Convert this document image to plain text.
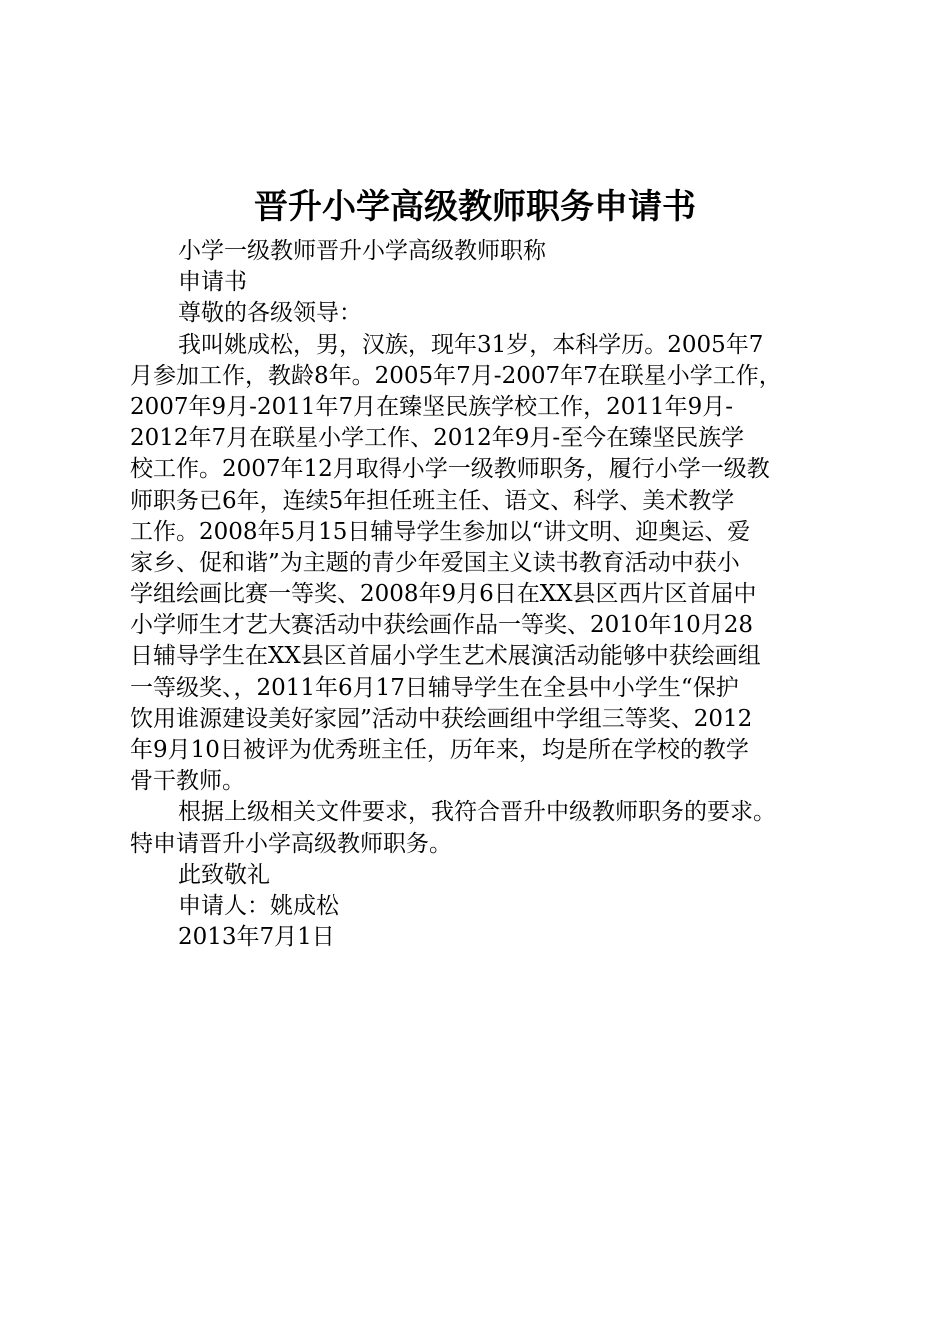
晋升小学高级教师职务申请书
小学一级教师晋升小学高级教师职称
申请书
尊敬的各级领导：
我叫姚成松，男，汉族，现年31岁，本科学历。2005年7
月参加工作，教龄8年。2005年7月-2007年7在联星小学工作，
2007年9月-2011年7月在臻坚民族学校工作，2011年9月-
2012年7月在联星小学工作、2012年9月-至今在臻坚民族学
校工作。2007年12月取得小学一级教师职务，履行小学一级教
师职务已6年，连续5年担任班主任、语文、科学、美术教学
工作。2008年5月15日辅导学生参加以“讲文明、迎奥运、爱
家乡、促和谐”为主题的青少年爱国主义读书教育活动中获小
学组绘画比赛一等奖、2008年9月6日在XX县区西片区首届中
小学师生才艺大赛活动中获绘画作品一等奖、2010年10月28
日辅导学生在XX县区首届小学生艺术展演活动能够中获绘画组
一等级奖、，2011年6月17日辅导学生在全县中小学生“保护
饮用谁源建设美好家园”活动中获绘画组中学组三等奖、2012
年9月10日被评为优秀班主任，历年来，均是所在学校的教学
骨干教师。
根据上级相关文件要求，我符合晋升中级教师职务的要求。
特申请晋升小学高级教师职务。
此致敬礼
申请人：姚成松
2013年7月1日
